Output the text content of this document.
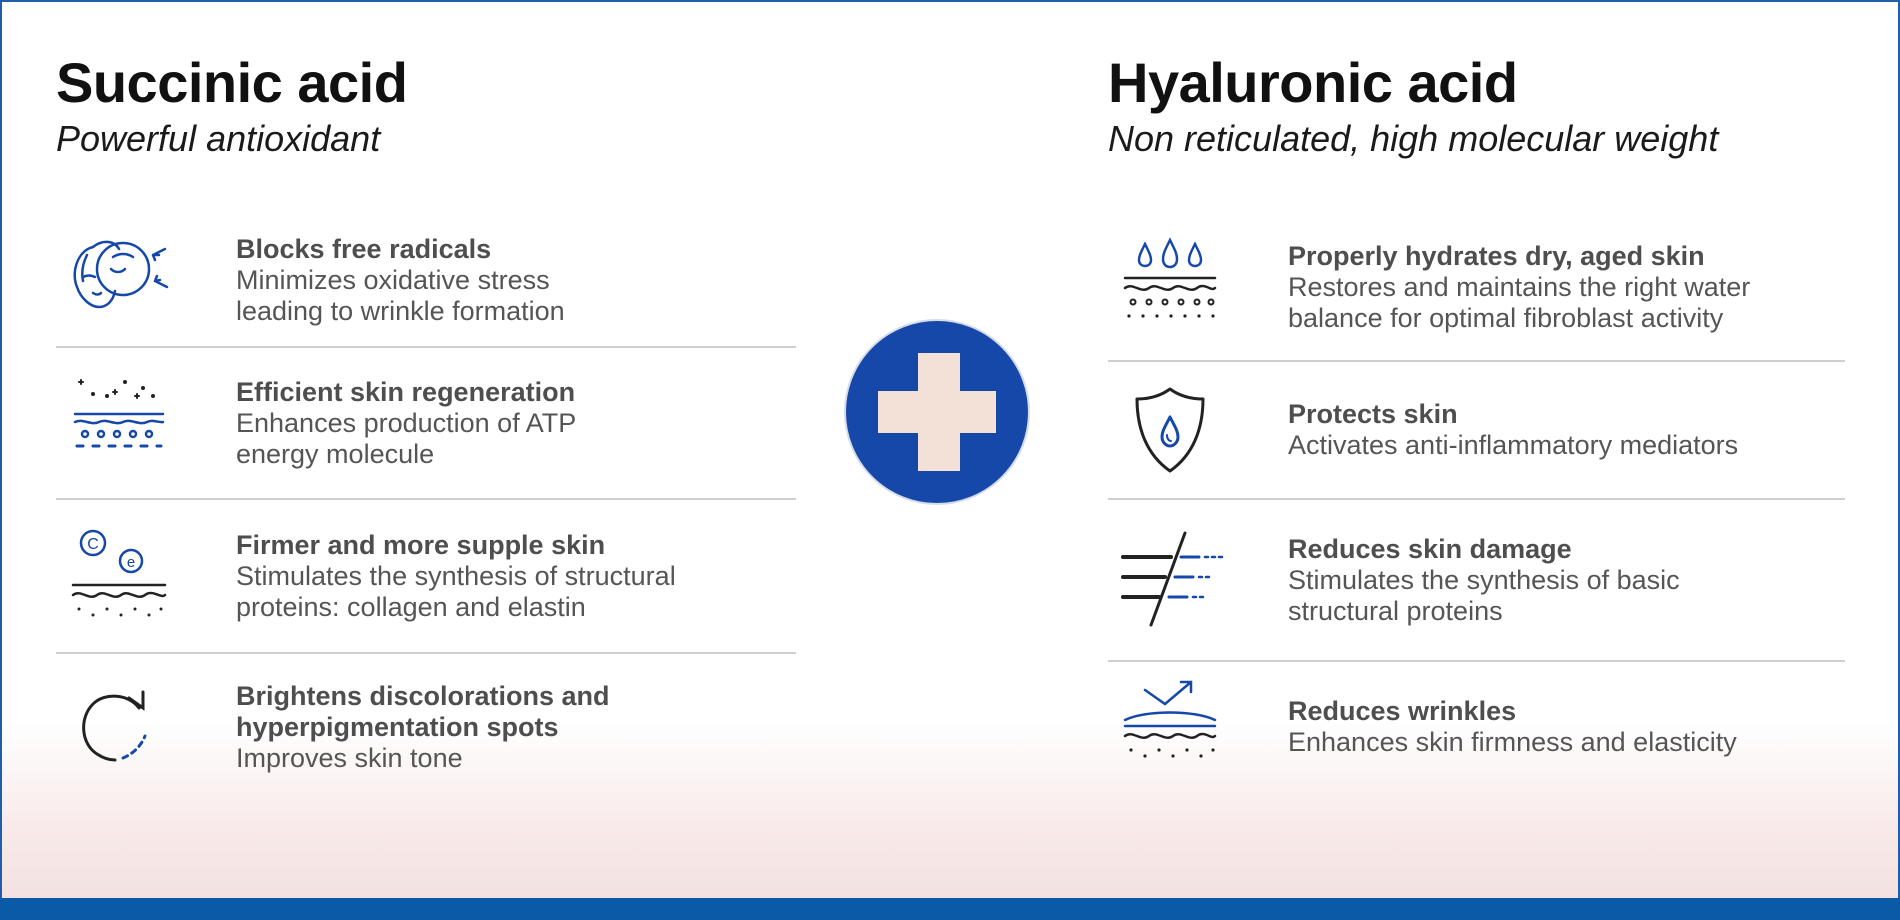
Succinic acid
Powerful antioxidant
Blocks free radicals
Minimizes oxidative stress
leading to wrinkle formation
Efficient skin regeneration
Enhances production of ATP
energy molecule
C
e
Firmer and more supple skin
Stimulates the synthesis of structural
proteins: collagen and elastin
Brightens discolorations and
hyperpigmentation spots
Improves skin tone
Hyaluronic acid
Non reticulated, high molecular weight
Properly hydrates dry, aged skin
Restores and maintains the right water
balance for optimal fibroblast activity
Protects skin
Activates anti-inflammatory mediators
Reduces skin damage
Stimulates the synthesis of basic
structural proteins
Reduces wrinkles
Enhances skin firmness and elasticity
